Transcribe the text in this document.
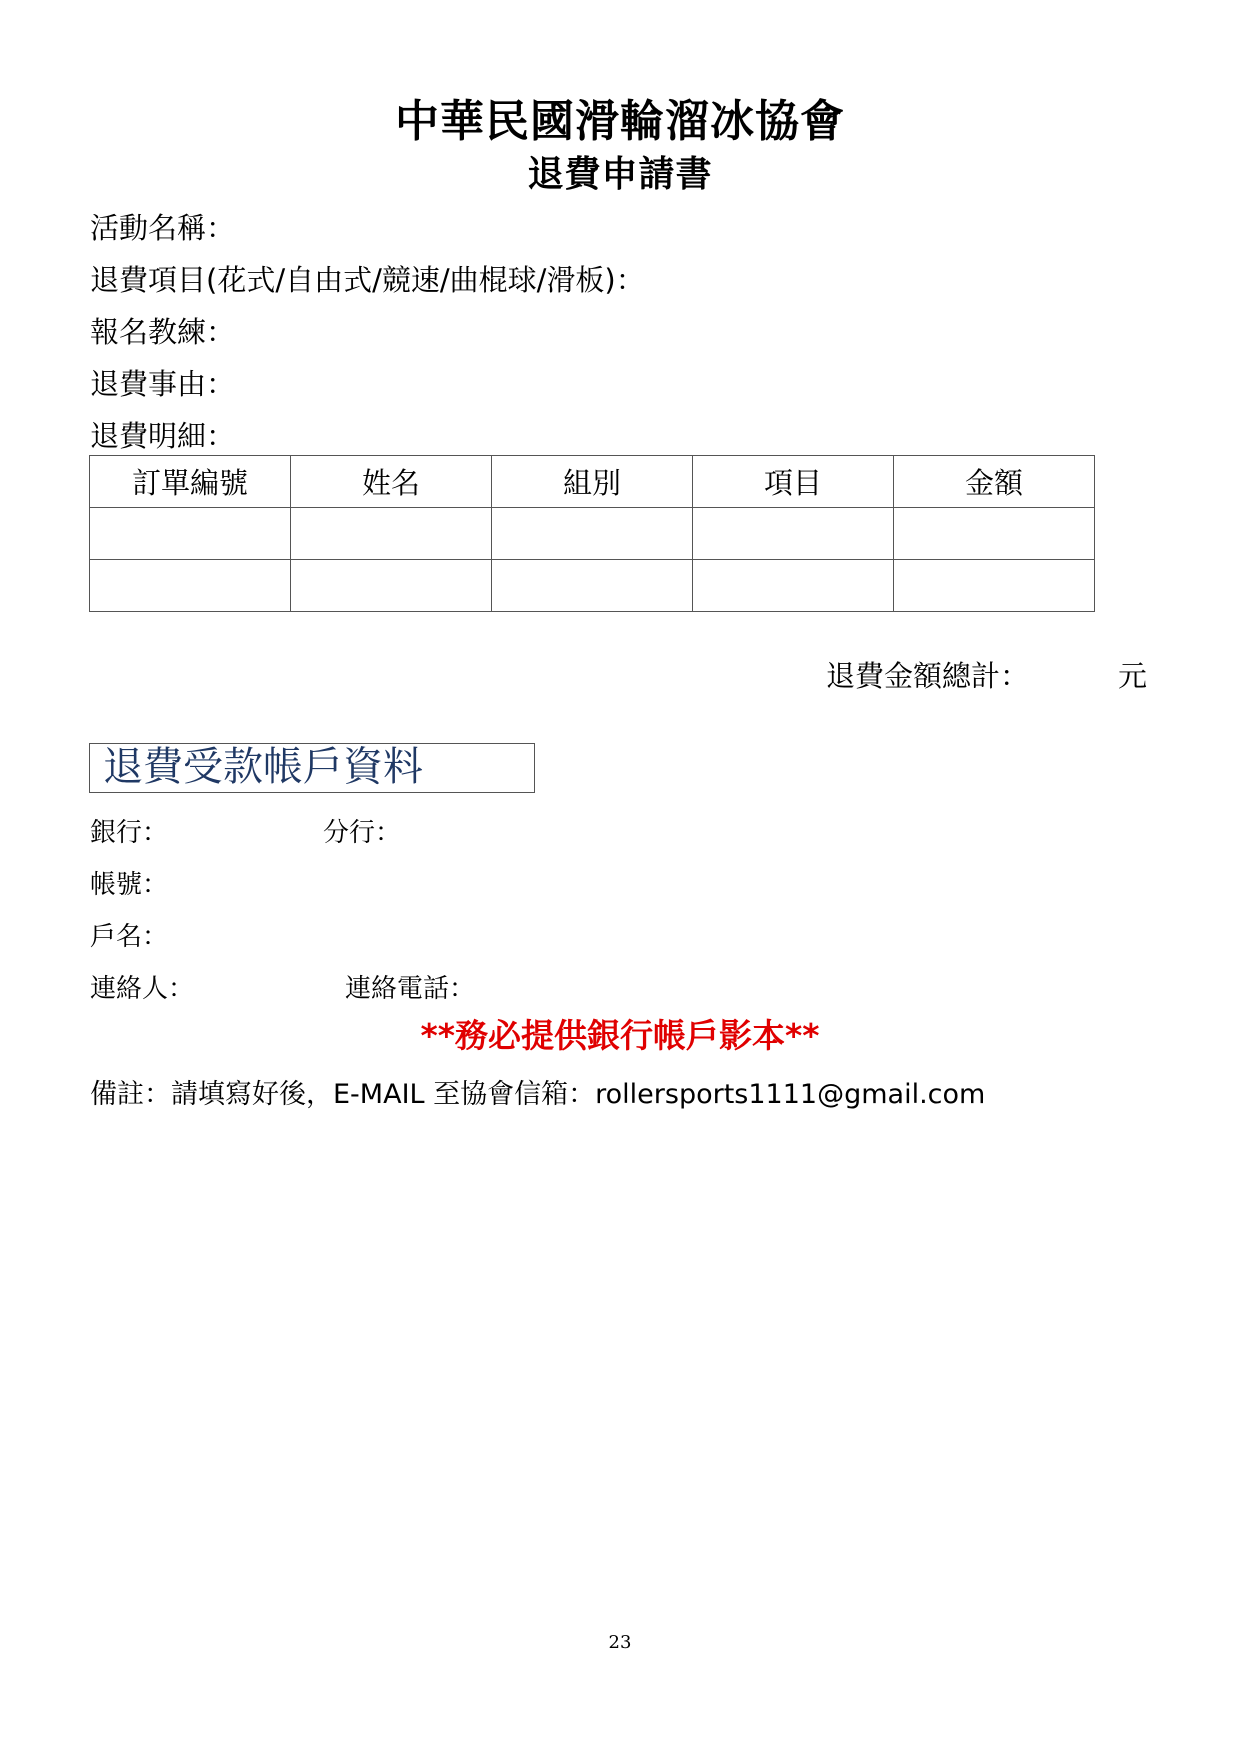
中華民國滑輪溜冰協會
退費申請書
活動名稱：
退費項目(花式/自由式/競速/曲棍球/滑板)：
報名教練：
退費事由：
退費明細：
訂單編號	姓名	組別	項目	金額

退費金額總計：	元
退費受款帳戶資料
銀行：	分行：
帳號：
戶名：
連絡人：	連絡電話：
**務必提供銀行帳戶影本**
備註：請填寫好後，E-MAIL 至協會信箱：rollersports1111@gmail.com
23
